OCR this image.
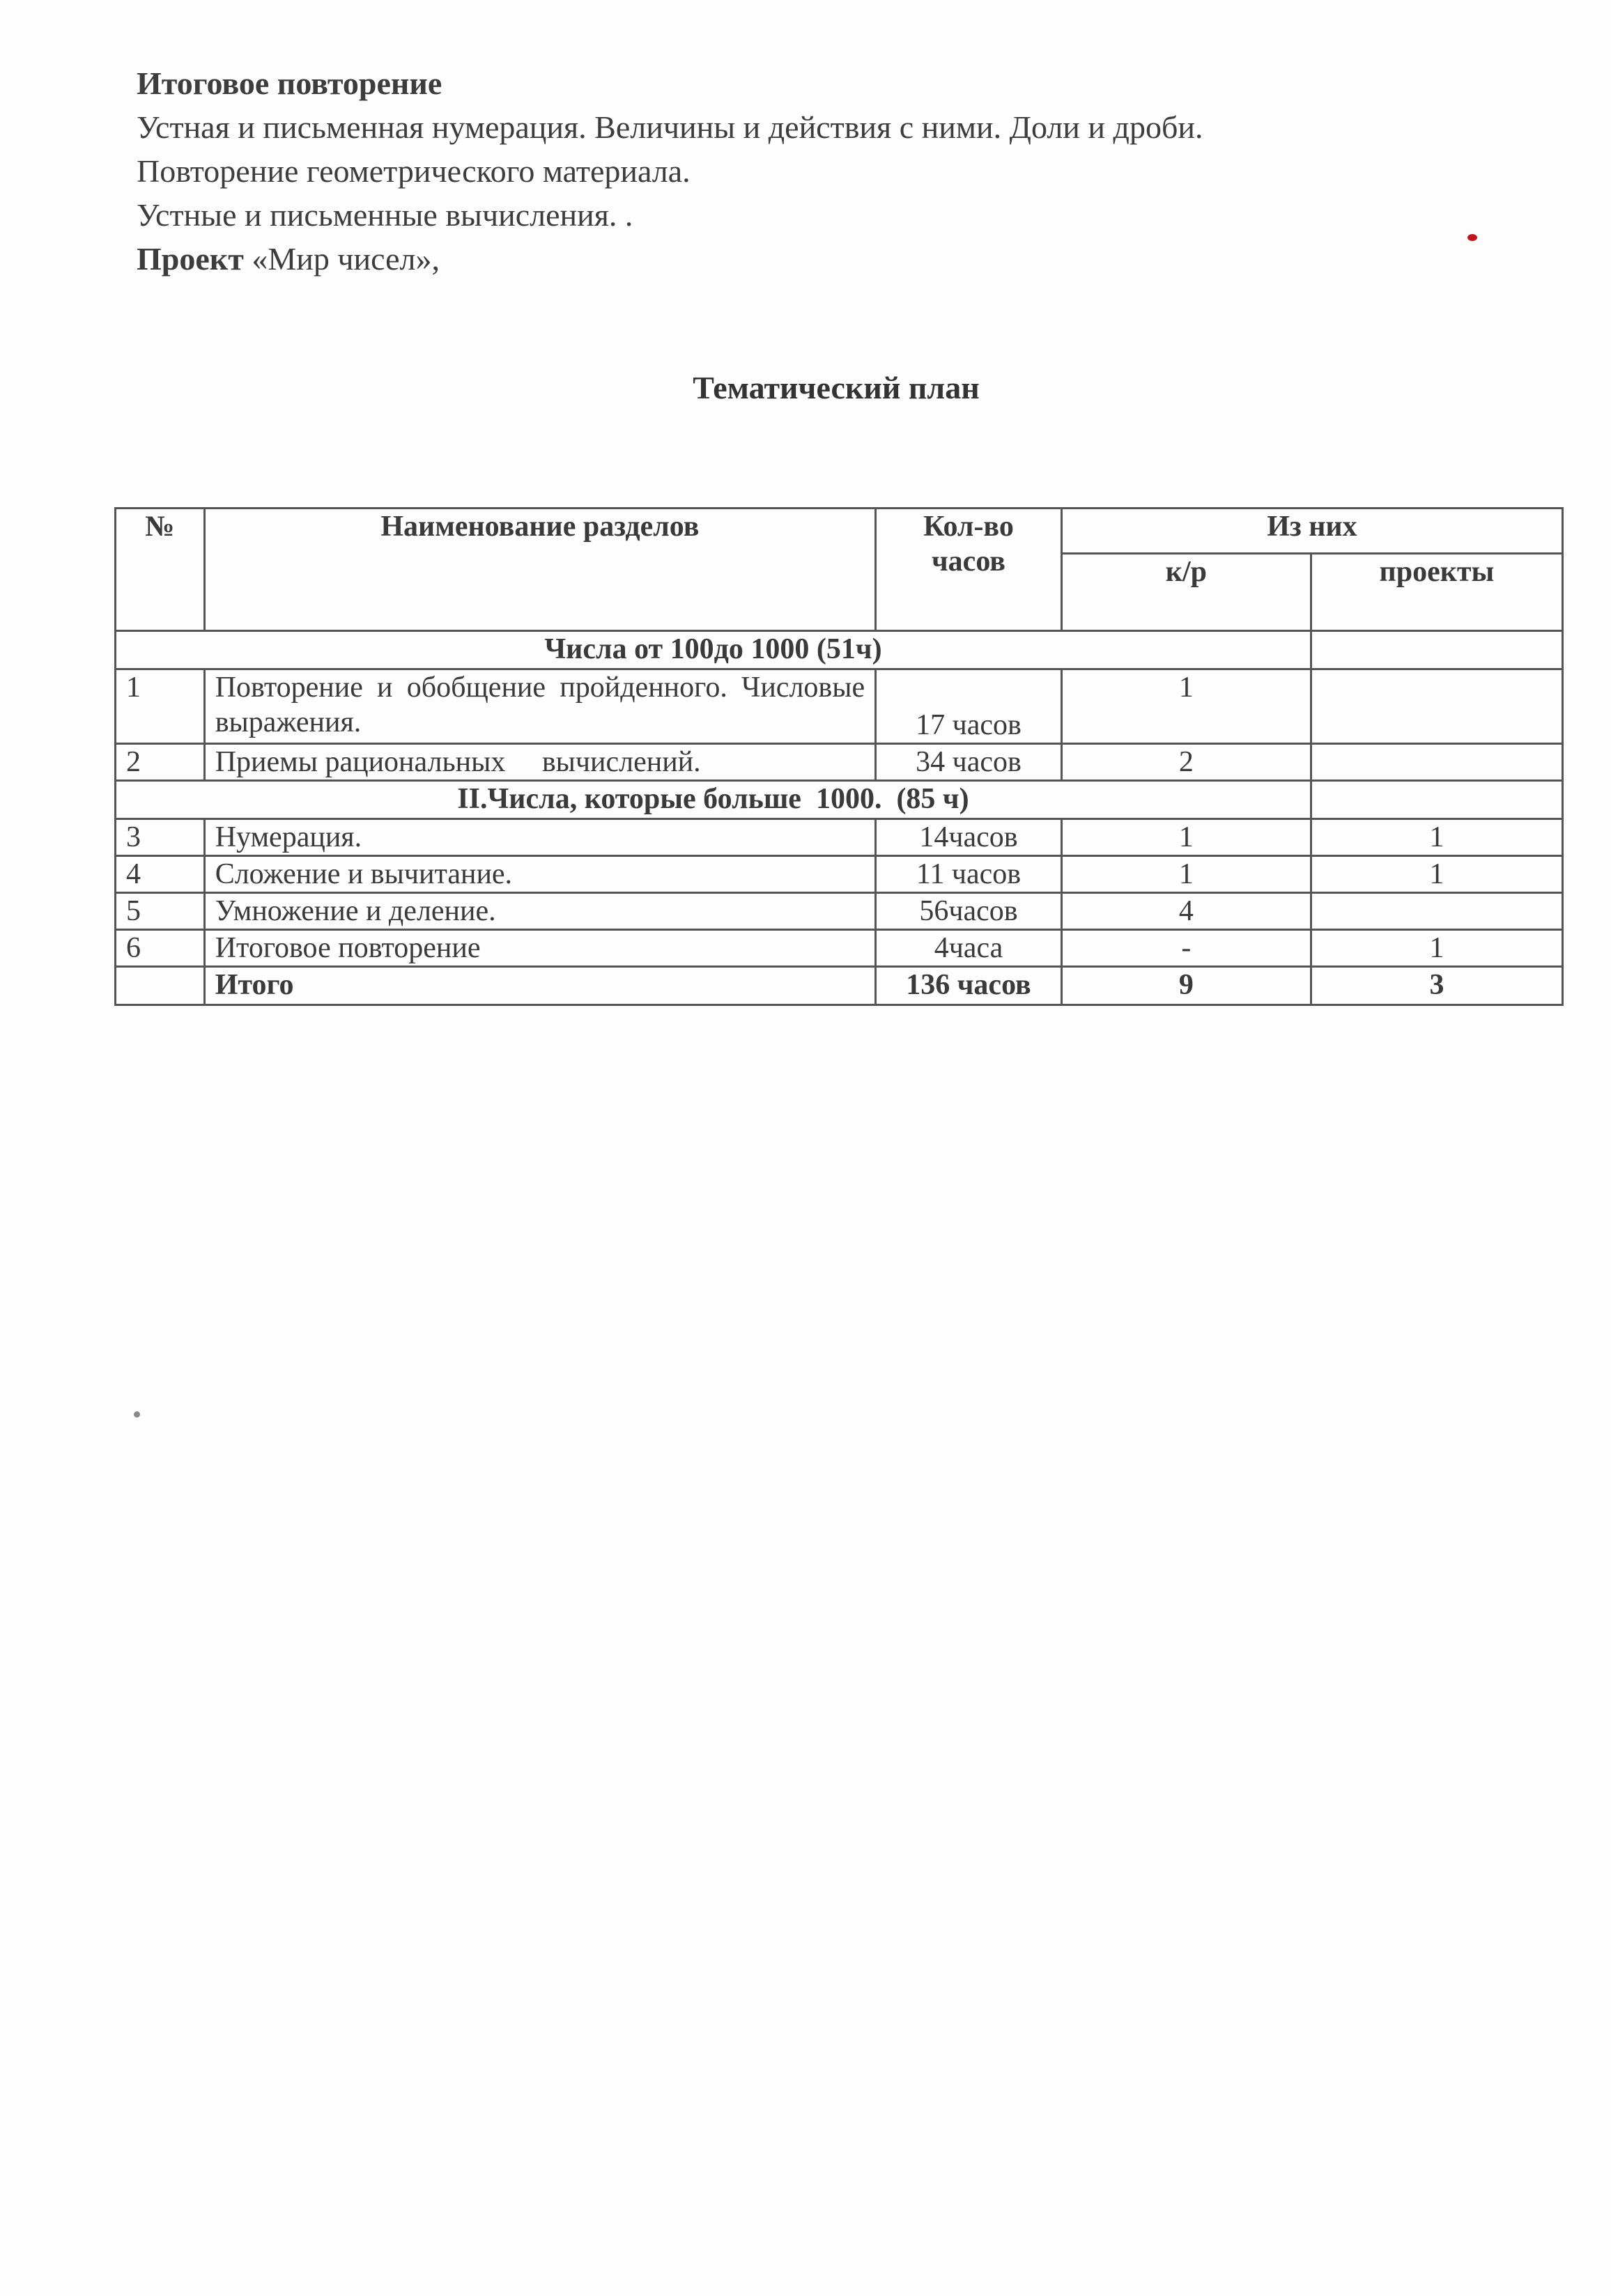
Итоговое повторение
Устная и письменная нумерация. Величины и действия с ними. Доли и дроби.
Повторение геометрического материала.
Устные и письменные вычисления. .
Проект «Мир чисел»,
Тематический план
№	Наименование разделов	Кол-во часов	Из них	
			к/р	проекты
Числа от 100до 1000 (51ч)				
1	Повторение и обобщение пройденного. Числовые выражения.	17 часов	1	
2	Приемы рациональных     вычислений.	34 часов	2	
II.Числа, которые больше  1000.  (85 ч)				
3	Нумерация.	14часов	1	1
4	Сложение и вычитание.	11 часов	1	1
5	Умножение и деление.	56часов	4	
6	Итоговое повторение	4часа	-	1
	Итого	136 часов	9	3
